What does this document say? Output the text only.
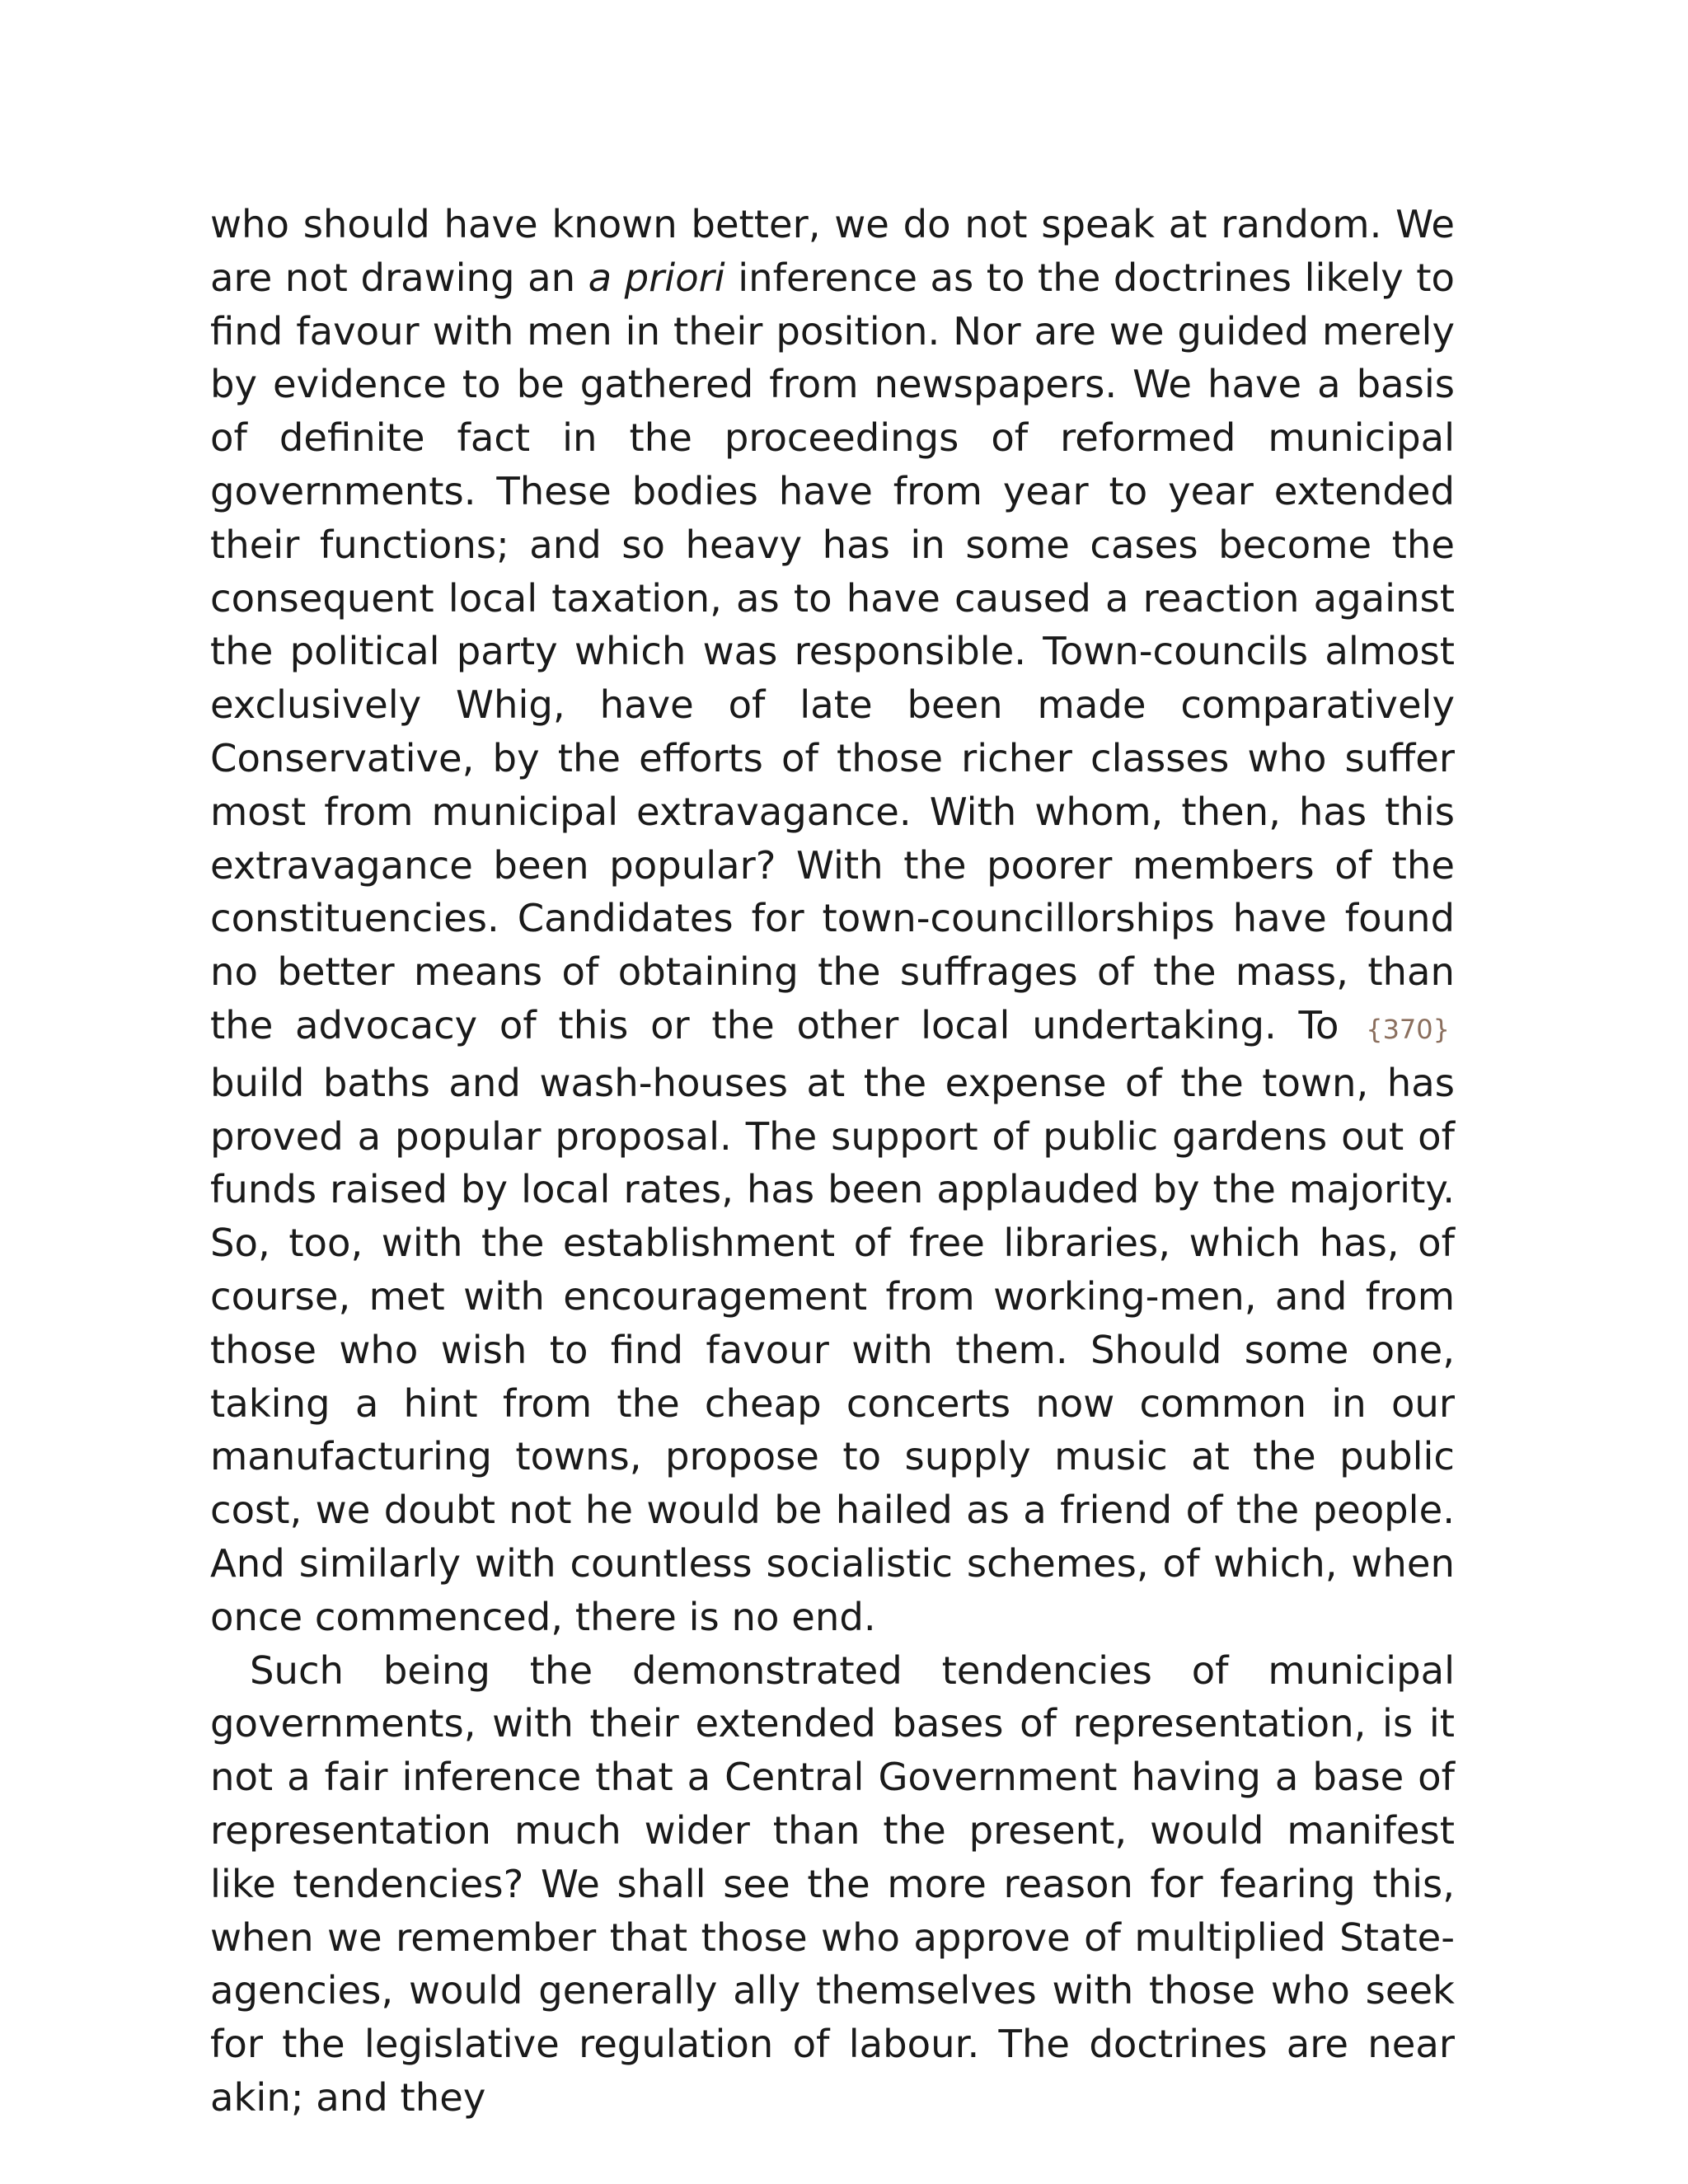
who should have known better, we do not speak at random. We are not drawing an a priori inference as to the doctrines likely to find favour with men in their position. Nor are we guided merely by evidence to be gathered from newspapers. We have a basis of definite fact in the proceedings of reformed municipal governments. These bodies have from year to year extended their functions; and so heavy has in some cases become the consequent local taxation, as to have caused a reaction against the political party which was responsible. Town-councils almost exclusively Whig, have of late been made comparatively Conservative, by the efforts of those richer classes who suffer most from municipal extravagance. With whom, then, has this extravagance been popular? With the poorer members of the constituencies. Candidates for town-councillorships have found no better means of obtaining the suffrages of the mass, than the advocacy of this or the other local undertaking. To {370} build baths and wash-houses at the expense of the town, has proved a popular proposal. The support of public gardens out of funds raised by local rates, has been applauded by the majority. So, too, with the establishment of free libraries, which has, of course, met with encouragement from working-men, and from those who wish to find favour with them. Should some one, taking a hint from the cheap concerts now common in our manufacturing towns, propose to supply music at the public cost, we doubt not he would be hailed as a friend of the people. And similarly with countless socialistic schemes, of which, when once commenced, there is no end.

Such being the demonstrated tendencies of municipal governments, with their extended bases of representation, is it not a fair inference that a Central Government having a base of representation much wider than the present, would manifest like tendencies? We shall see the more reason for fearing this, when we remember that those who approve of multiplied State-agencies, would generally ally themselves with those who seek for the legislative regulation of labour. The doctrines are near akin; and they
